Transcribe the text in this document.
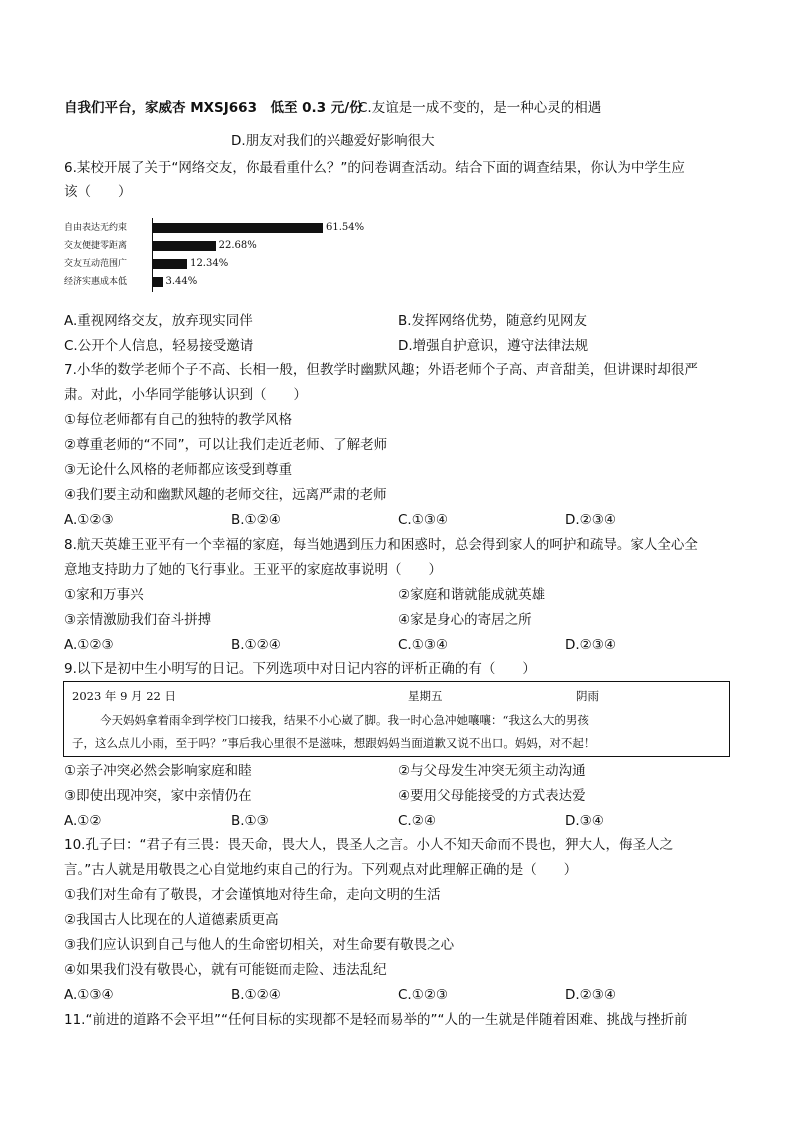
自我们平台，家威杏 MXSJ663　低至 0.3 元/份
C.友谊是一成不变的，是一种心灵的相遇
D.朋友对我们的兴趣爱好影响很大
6.某校开展了关于“网络交友，你最看重什么？”的问卷调查活动。结合下面的调查结果，你认为中学生应
该（　　）
自由表达无约束	61.54%
交友便捷零距离	22.68%
交友互动范围广	12.34%
经济实惠成本低	3.44%
A.重视网络交友，放弃现实同伴	B.发挥网络优势，随意约见网友
C.公开个人信息，轻易接受邀请	D.增强自护意识，遵守法律法规
7.小华的数学老师个子不高、长相一般，但教学时幽默风趣；外语老师个子高、声音甜美，但讲课时却很严
肃。对此，小华同学能够认识到（　　）
①每位老师都有自己的独特的教学风格
②尊重老师的“不同”，可以让我们走近老师、了解老师
③无论什么风格的老师都应该受到尊重
④我们要主动和幽默风趣的老师交往，远离严肃的老师
A.①②③	B.①②④	C.①③④	D.②③④
8.航天英雄王亚平有一个幸福的家庭，每当她遇到压力和困惑时，总会得到家人的呵护和疏导。家人全心全
意地支持助力了她的飞行事业。王亚平的家庭故事说明（　　）
①家和万事兴	②家庭和谐就能成就英雄
③亲情激励我们奋斗拼搏	④家是身心的寄居之所
A.①②③	B.①②④	C.①③④	D.②③④
9.以下是初中生小明写的日记。下列选项中对日记内容的评析正确的有（　　）
2023 年 9 月 22 日	星期五	阴雨
今天妈妈拿着雨伞到学校门口接我，结果不小心崴了脚。我一时心急冲她嚷嚷：“我这么大的男孩
子，这么点儿小雨，至于吗？”事后我心里很不是滋味，想跟妈妈当面道歉又说不出口。妈妈，对不起！
①亲子冲突必然会影响家庭和睦	②与父母发生冲突无须主动沟通
③即使出现冲突，家中亲情仍在	④要用父母能接受的方式表达爱
A.①②	B.①③	C.②④	D.③④
10.孔子曰：“君子有三畏：畏天命，畏大人，畏圣人之言。小人不知天命而不畏也，狎大人，侮圣人之
言。”古人就是用敬畏之心自觉地约束自己的行为。下列观点对此理解正确的是（　　）
①我们对生命有了敬畏，才会谨慎地对待生命，走向文明的生活
②我国古人比现在的人道德素质更高
③我们应认识到自己与他人的生命密切相关，对生命要有敬畏之心
④如果我们没有敬畏心，就有可能铤而走险、违法乱纪
A.①③④	B.①②④	C.①②③	D.②③④
11.“前进的道路不会平坦”“任何目标的实现都不是轻而易举的”“人的一生就是伴随着困难、挑战与挫折前
